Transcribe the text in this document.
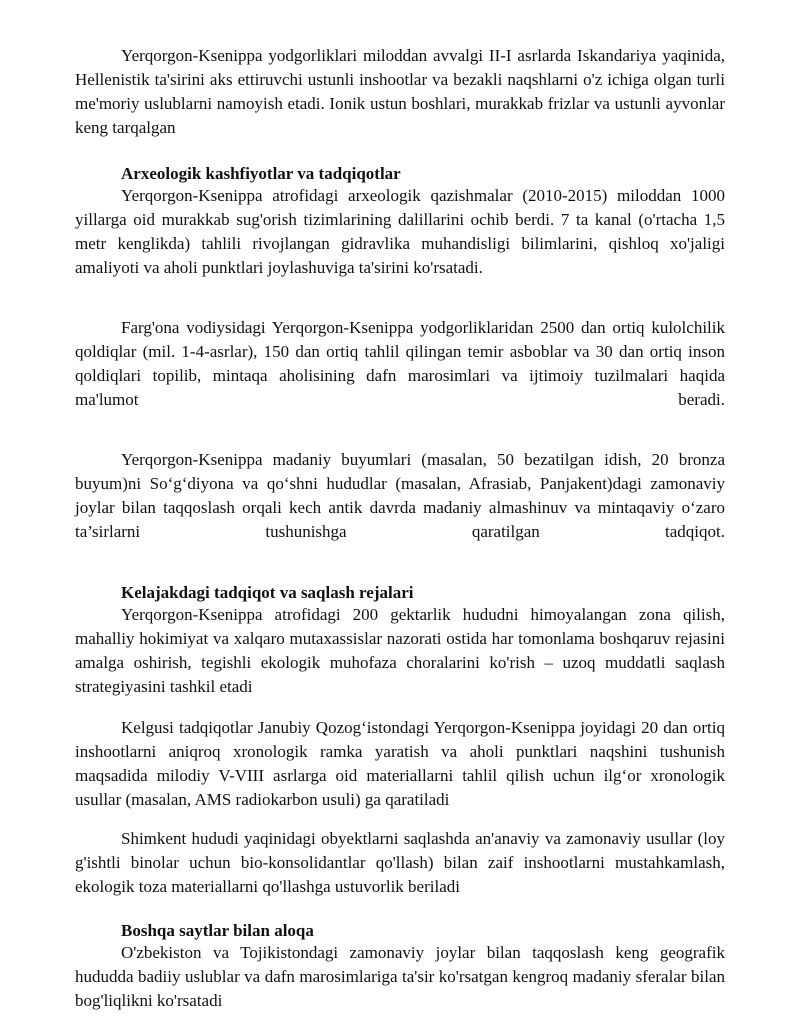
Yerqorgon-Ksenippa yodgorliklari miloddan avvalgi II-I asrlarda Iskandariya yaqinida, Hellenistik ta'sirini aks ettiruvchi ustunli inshootlar va bezakli naqshlarni o'z ichiga olgan turli me'moriy uslublarni namoyish etadi. Ionik ustun boshlari, murakkab frizlar va ustunli ayvonlar keng tarqalgan

Arxeologik kashfiyotlar va tadqiqotlar

Yerqorgon-Ksenippa atrofidagi arxeologik qazishmalar (2010-2015) miloddan 1000 yillarga oid murakkab sug'orish tizimlarining dalillarini ochib berdi. 7 ta kanal (o'rtacha 1,5 metr kenglikda) tahlili rivojlangan gidravlika muhandisligi bilimlarini, qishloq xo'jaligi amaliyoti va aholi punktlari joylashuviga ta'sirini ko'rsatadi.

Farg'ona vodiysidagi Yerqorgon-Ksenippa yodgorliklaridan 2500 dan ortiq kulolchilik qoldiqlar (mil. 1-4-asrlar), 150 dan ortiq tahlil qilingan temir asboblar va 30 dan ortiq inson qoldiqlari topilib, mintaqa aholisining dafn marosimlari va ijtimoiy tuzilmalari haqida ma'lumot beradi.

Yerqorgon-Ksenippa madaniy buyumlari (masalan, 50 bezatilgan idish, 20 bronza buyum)ni So‘g‘diyona va qo‘shni hududlar (masalan, Afrasiab, Panjakent)dagi zamonaviy joylar bilan taqqoslash orqali kech antik davrda madaniy almashinuv va mintaqaviy o‘zaro ta’sirlarni tushunishga qaratilgan tadqiqot.

Kelajakdagi tadqiqot va saqlash rejalari

Yerqorgon-Ksenippa atrofidagi 200 gektarlik hududni himoyalangan zona qilish, mahalliy hokimiyat va xalqaro mutaxassislar nazorati ostida har tomonlama boshqaruv rejasini amalga oshirish, tegishli ekologik muhofaza choralarini ko'rish – uzoq muddatli saqlash strategiyasini tashkil etadi

Kelgusi tadqiqotlar Janubiy Qozog‘istondagi Yerqorgon-Ksenippa joyidagi 20 dan ortiq inshootlarni aniqroq xronologik ramka yaratish va aholi punktlari naqshini tushunish maqsadida milodiy V-VIII asrlarga oid materiallarni tahlil qilish uchun ilg‘or xronologik usullar (masalan, AMS radiokarbon usuli) ga qaratiladi

Shimkent hududi yaqinidagi obyektlarni saqlashda an'anaviy va zamonaviy usullar (loy g'ishtli binolar uchun bio-konsolidantlar qo'llash) bilan zaif inshootlarni mustahkamlash, ekologik toza materiallarni qo'llashga ustuvorlik beriladi

Boshqa saytlar bilan aloqa

O'zbekiston va Tojikistondagi zamonaviy joylar bilan taqqoslash keng geografik hududda badiiy uslublar va dafn marosimlariga ta'sir ko'rsatgan kengroq madaniy sferalar bilan bog'liqlikni ko'rsatadi
